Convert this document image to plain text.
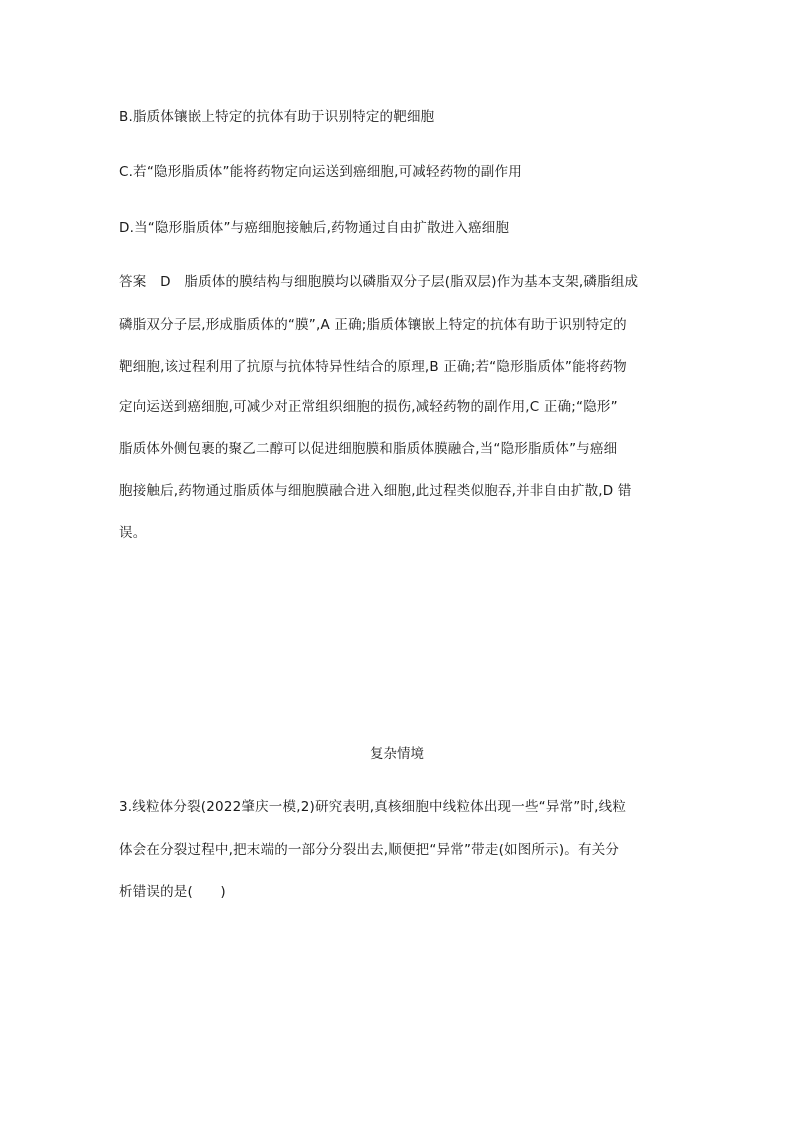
B.脂质体镶嵌上特定的抗体有助于识别特定的靶细胞
C.若“隐形脂质体”能将药物定向运送到癌细胞,可减轻药物的副作用
D.当“隐形脂质体”与癌细胞接触后,药物通过自由扩散进入癌细胞
答案　D　脂质体的膜结构与细胞膜均以磷脂双分子层(脂双层)作为基本支架,磷脂组成
磷脂双分子层,形成脂质体的“膜”,A 正确;脂质体镶嵌上特定的抗体有助于识别特定的
靶细胞,该过程利用了抗原与抗体特异性结合的原理,B 正确;若“隐形脂质体”能将药物
定向运送到癌细胞,可减少对正常组织细胞的损伤,减轻药物的副作用,C 正确;“隐形”
脂质体外侧包裹的聚乙二醇可以促进细胞膜和脂质体膜融合,当“隐形脂质体”与癌细
胞接触后,药物通过脂质体与细胞膜融合进入细胞,此过程类似胞吞,并非自由扩散,D 错
误。
复杂情境
3.线粒体分裂(2022肇庆一模,2)研究表明,真核细胞中线粒体出现一些“异常”时,线粒
体会在分裂过程中,把末端的一部分分裂出去,顺便把“异常”带走(如图所示)。有关分
析错误的是(　　)
